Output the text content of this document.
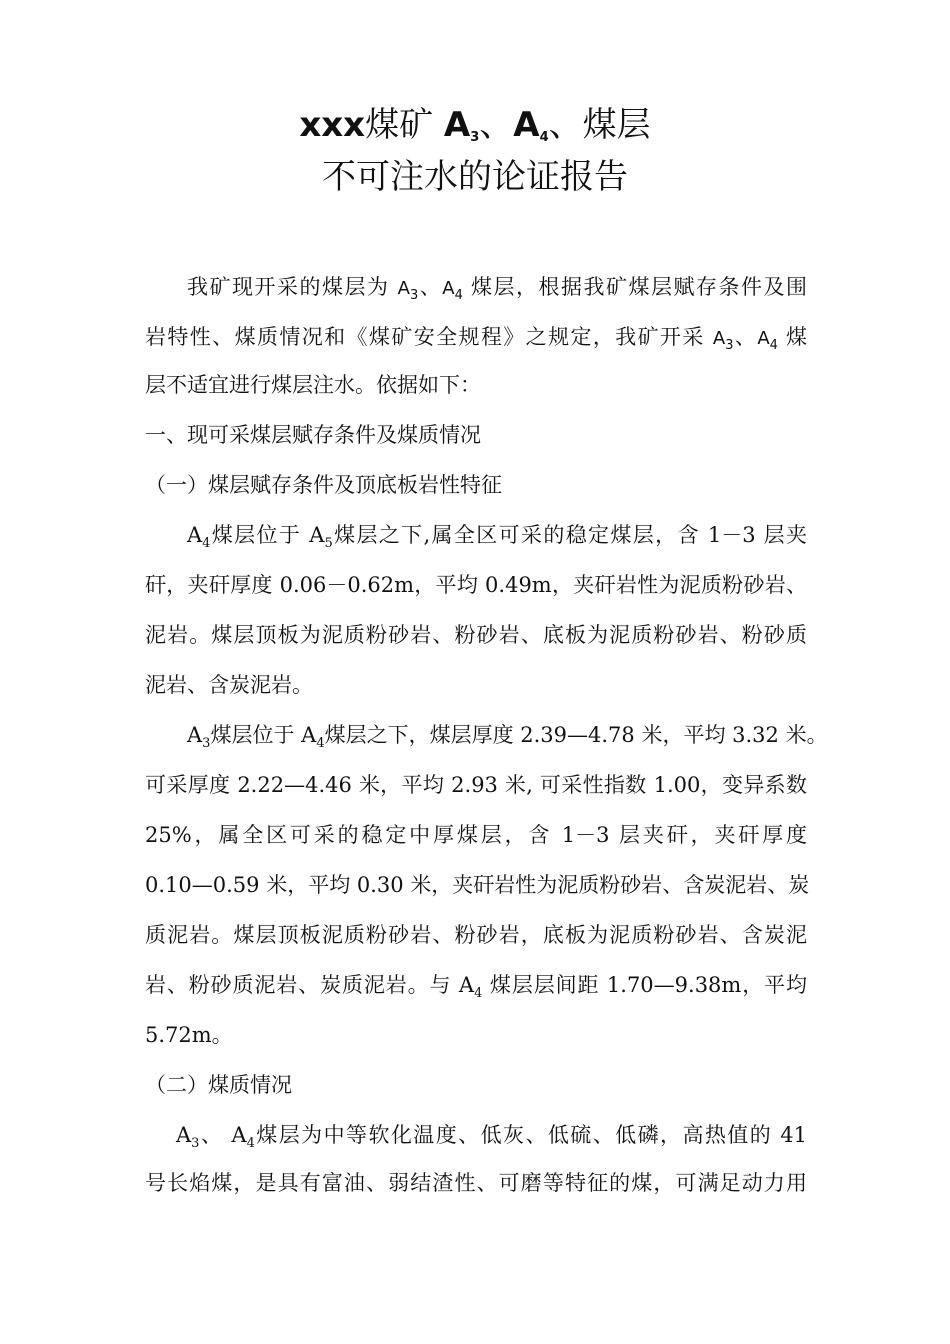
xxx煤矿 $A_3$、$A_4$、煤层
不可注水的论证报告
我矿现开采的煤层为 $A_3$、$A_4$ 煤层，根据我矿煤层赋存条件及围
岩特性、煤质情况和《煤矿安全规程》之规定，我矿开采 $A_3$、$A_4$ 煤
层不适宜进行煤层注水。依据如下：
一、现可采煤层赋存条件及煤质情况
（一）煤层赋存条件及顶底板岩性特征
$A_4$煤层位于 $A_5$煤层之下,属全区可采的稳定煤层，含 1－3 层夹
矸，夹矸厚度 0.06－0.62m，平均 0.49m，夹矸岩性为泥质粉砂岩、
泥岩。煤层顶板为泥质粉砂岩、粉砂岩、底板为泥质粉砂岩、粉砂质
泥岩、含炭泥岩。
$A_3$煤层位于 $A_4$煤层之下，煤层厚度 2.39—4.78 米，平均 3.32 米。
可采厚度 2.22—4.46 米，平均 2.93 米, 可采性指数 1.00，变异系数
25%，属全区可采的稳定中厚煤层，含 1－3 层夹矸，夹矸厚度
0.10—0.59 米，平均 0.30 米，夹矸岩性为泥质粉砂岩、含炭泥岩、炭
质泥岩。煤层顶板泥质粉砂岩、粉砂岩，底板为泥质粉砂岩、含炭泥
岩、粉砂质泥岩、炭质泥岩。与 $A_4$ 煤层层间距 1.70—9.38m，平均
5.72m。
（二）煤质情况
$A_3$、 $A_4$煤层为中等软化温度、低灰、低硫、低磷，高热值的 41
号长焰煤，是具有富油、弱结渣性、可磨等特征的煤，可满足动力用
